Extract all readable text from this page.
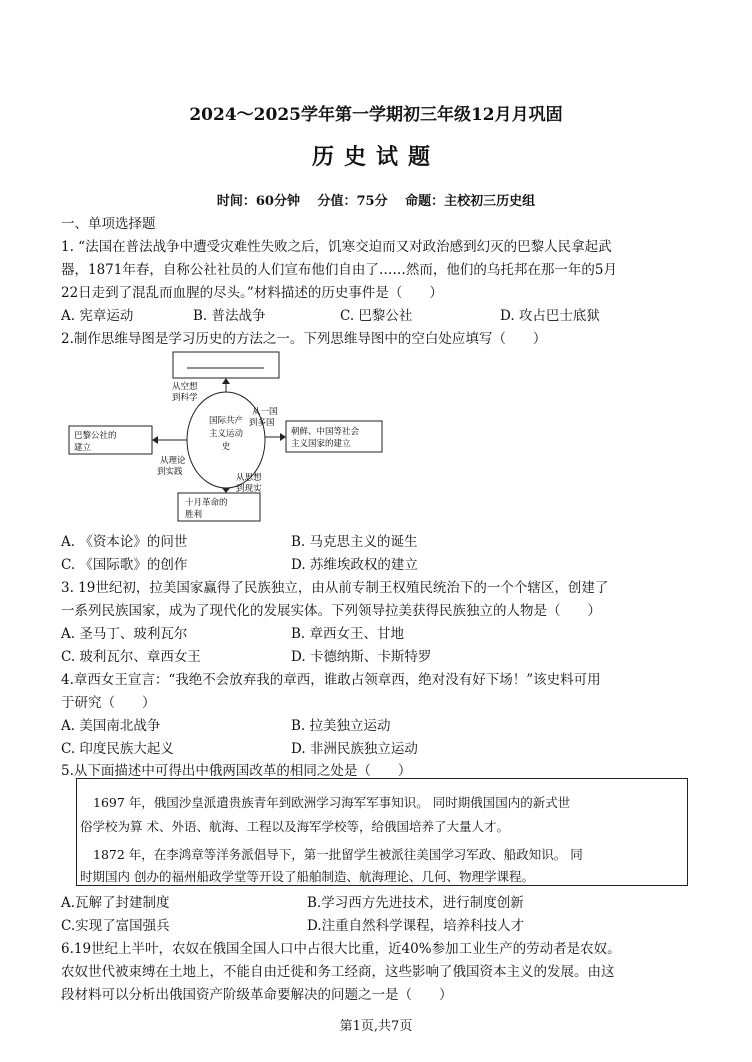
2024～2025学年第一学期初三年级12月月巩固
历史试题
时间：60分钟　 分值：75分　 命题：主校初三历史组
一、单项选择题
1. “法国在普法战争中遭受灾难性失败之后，饥寒交迫而又对政治感到幻灭的巴黎人民拿起武
器，1871年春，自称公社社员的人们宣布他们自由了……然而，他们的乌托邦在那一年的5月
22日走到了混乱而血腥的尽头。”材料描述的历史事件是（　　）
A. 宪章运动	B. 普法战争	C. 巴黎公社	D. 攻占巴士底狱
2.制作思维导图是学习历史的方法之一。下列思维导图中的空白处应填写（　　）
国际共产
主义运动
史
巴黎公社的
建立
朝鲜、中国等社会
主义国家的建立
十月革命的
胜利
从空想
到科学
从一国
到多国
从理论
到实践
从思想
到现实
A. 《资本论》的问世	B. 马克思主义的诞生
C. 《国际歌》的创作	D. 苏维埃政权的建立
3. 19世纪初，拉美国家赢得了民族独立，由从前专制王权殖民统治下的一个个辖区，创建了
一系列民族国家，成为了现代化的发展实体。下列领导拉美获得民族独立的人物是（　　）
A. 圣马丁、玻利瓦尔	B. 章西女王、甘地
C. 玻利瓦尔、章西女王	D. 卡德纳斯、卡斯特罗
4.章西女王宣言：“我绝不会放弃我的章西，谁敢占领章西，绝对没有好下场！”该史料可用
于研究（　　）
A. 美国南北战争	B. 拉美独立运动
C. 印度民族大起义	D. 非洲民族独立运动
5.从下面描述中可得出中俄两国改革的相同之处是（　　）
1697 年，俄国沙皇派遣贵族青年到欧洲学习海军军事知识。 同时期俄国国内的新式世
俗学校为算 术、外语、航海、工程以及海军学校等，给俄国培养了大量人才。
1872 年，在李鸿章等洋务派倡导下，第一批留学生被派往美国学习军政、船政知识。 同
时期国内 创办的福州船政学堂等开设了船舶制造、航海理论、几何、物理学课程。
A.瓦解了封建制度	B.学习西方先进技术，进行制度创新
C.实现了富国强兵	D.注重自然科学课程，培养科技人才
6.19世纪上半叶，农奴在俄国全国人口中占很大比重，近40%参加工业生产的劳动者是农奴。
农奴世代被束缚在土地上，不能自由迁徙和务工经商，这些影响了俄国资本主义的发展。由这
段材料可以分析出俄国资产阶级革命要解决的问题之一是（　　）
第1页,共7页
